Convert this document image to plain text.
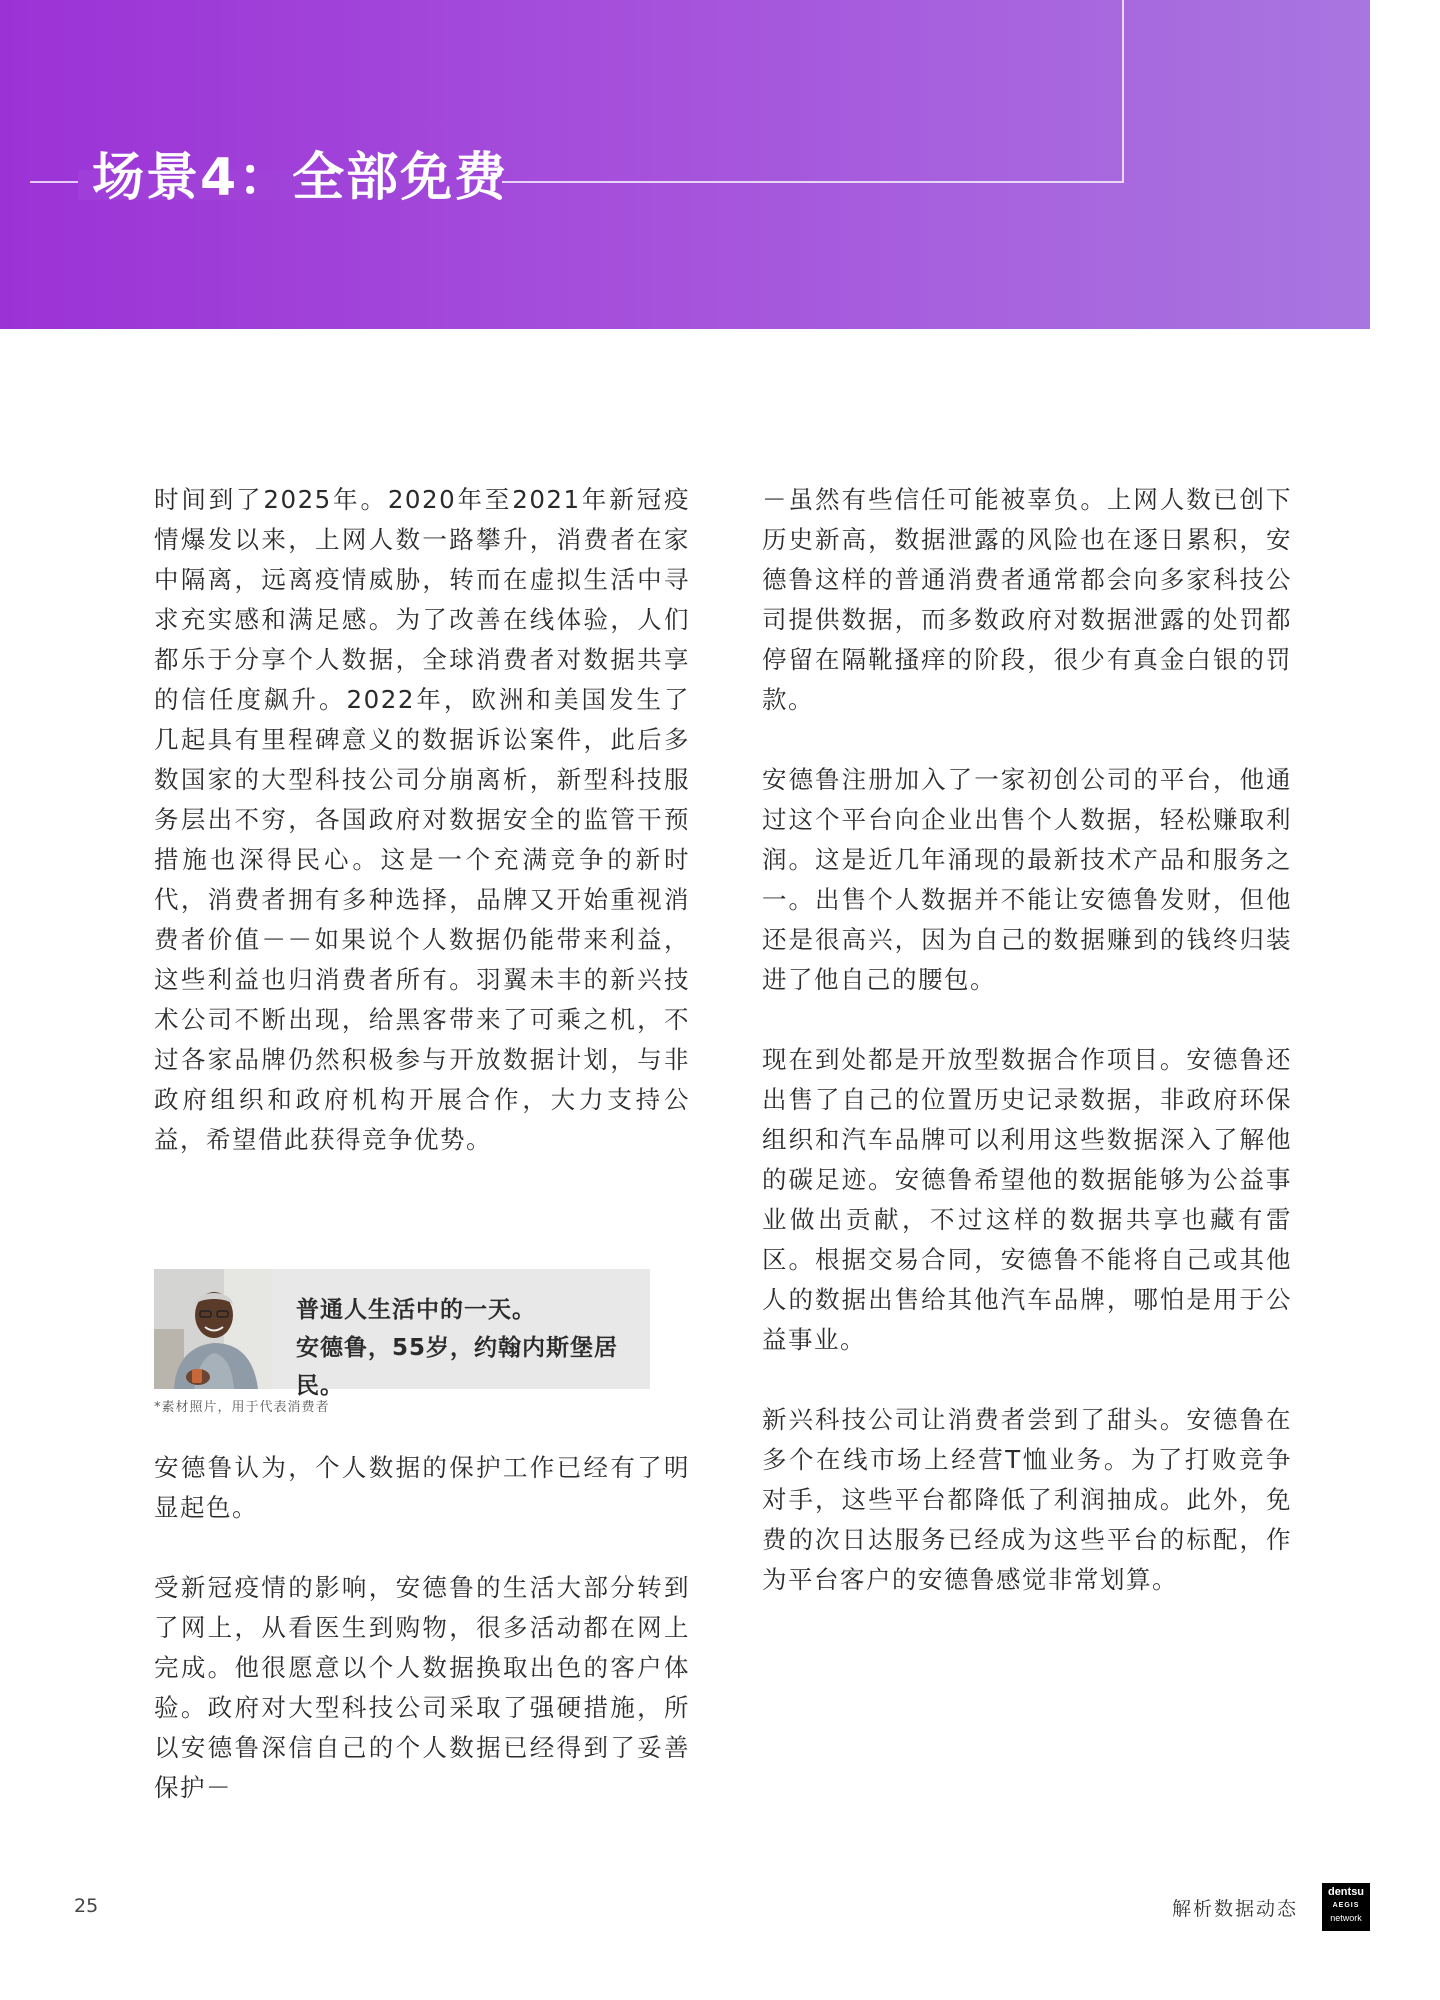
场景4：全部免费

时间到了2025年。2020年至2021年新冠疫情爆发以来，上网人数一路攀升，消费者在家中隔离，远离疫情威胁，转而在虚拟生活中寻求充实感和满足感。为了改善在线体验，人们都乐于分享个人数据，全球消费者对数据共享的信任度飙升。2022年，欧洲和美国发生了几起具有里程碑意义的数据诉讼案件，此后多数国家的大型科技公司分崩离析，新型科技服务层出不穷，各国政府对数据安全的监管干预措施也深得民心。这是一个充满竞争的新时代，消费者拥有多种选择，品牌又开始重视消费者价值－－如果说个人数据仍能带来利益，这些利益也归消费者所有。羽翼未丰的新兴技术公司不断出现，给黑客带来了可乘之机，不过各家品牌仍然积极参与开放数据计划，与非政府组织和政府机构开展合作，大力支持公益，希望借此获得竞争优势。

普通人生活中的一天。
安德鲁，55岁，约翰内斯堡居民。
*素材照片，用于代表消费者

安德鲁认为，个人数据的保护工作已经有了明显起色。

受新冠疫情的影响，安德鲁的生活大部分转到了网上，从看医生到购物，很多活动都在网上完成。他很愿意以个人数据换取出色的客户体验。政府对大型科技公司采取了强硬措施，所以安德鲁深信自己的个人数据已经得到了妥善保护－

－虽然有些信任可能被辜负。上网人数已创下历史新高，数据泄露的风险也在逐日累积，安德鲁这样的普通消费者通常都会向多家科技公司提供数据，而多数政府对数据泄露的处罚都停留在隔靴搔痒的阶段，很少有真金白银的罚款。

安德鲁注册加入了一家初创公司的平台，他通过这个平台向企业出售个人数据，轻松赚取利润。这是近几年涌现的最新技术产品和服务之一。出售个人数据并不能让安德鲁发财，但他还是很高兴，因为自己的数据赚到的钱终归装进了他自己的腰包。

现在到处都是开放型数据合作项目。安德鲁还出售了自己的位置历史记录数据，非政府环保组织和汽车品牌可以利用这些数据深入了解他的碳足迹。安德鲁希望他的数据能够为公益事业做出贡献，不过这样的数据共享也藏有雷区。根据交易合同，安德鲁不能将自己或其他人的数据出售给其他汽车品牌，哪怕是用于公益事业。

新兴科技公司让消费者尝到了甜头。安德鲁在多个在线市场上经营T恤业务。为了打败竞争对手，这些平台都降低了利润抽成。此外，免费的次日达服务已经成为这些平台的标配，作为平台客户的安德鲁感觉非常划算。

25	解析数据动态
dentsu
AEGIS
network
